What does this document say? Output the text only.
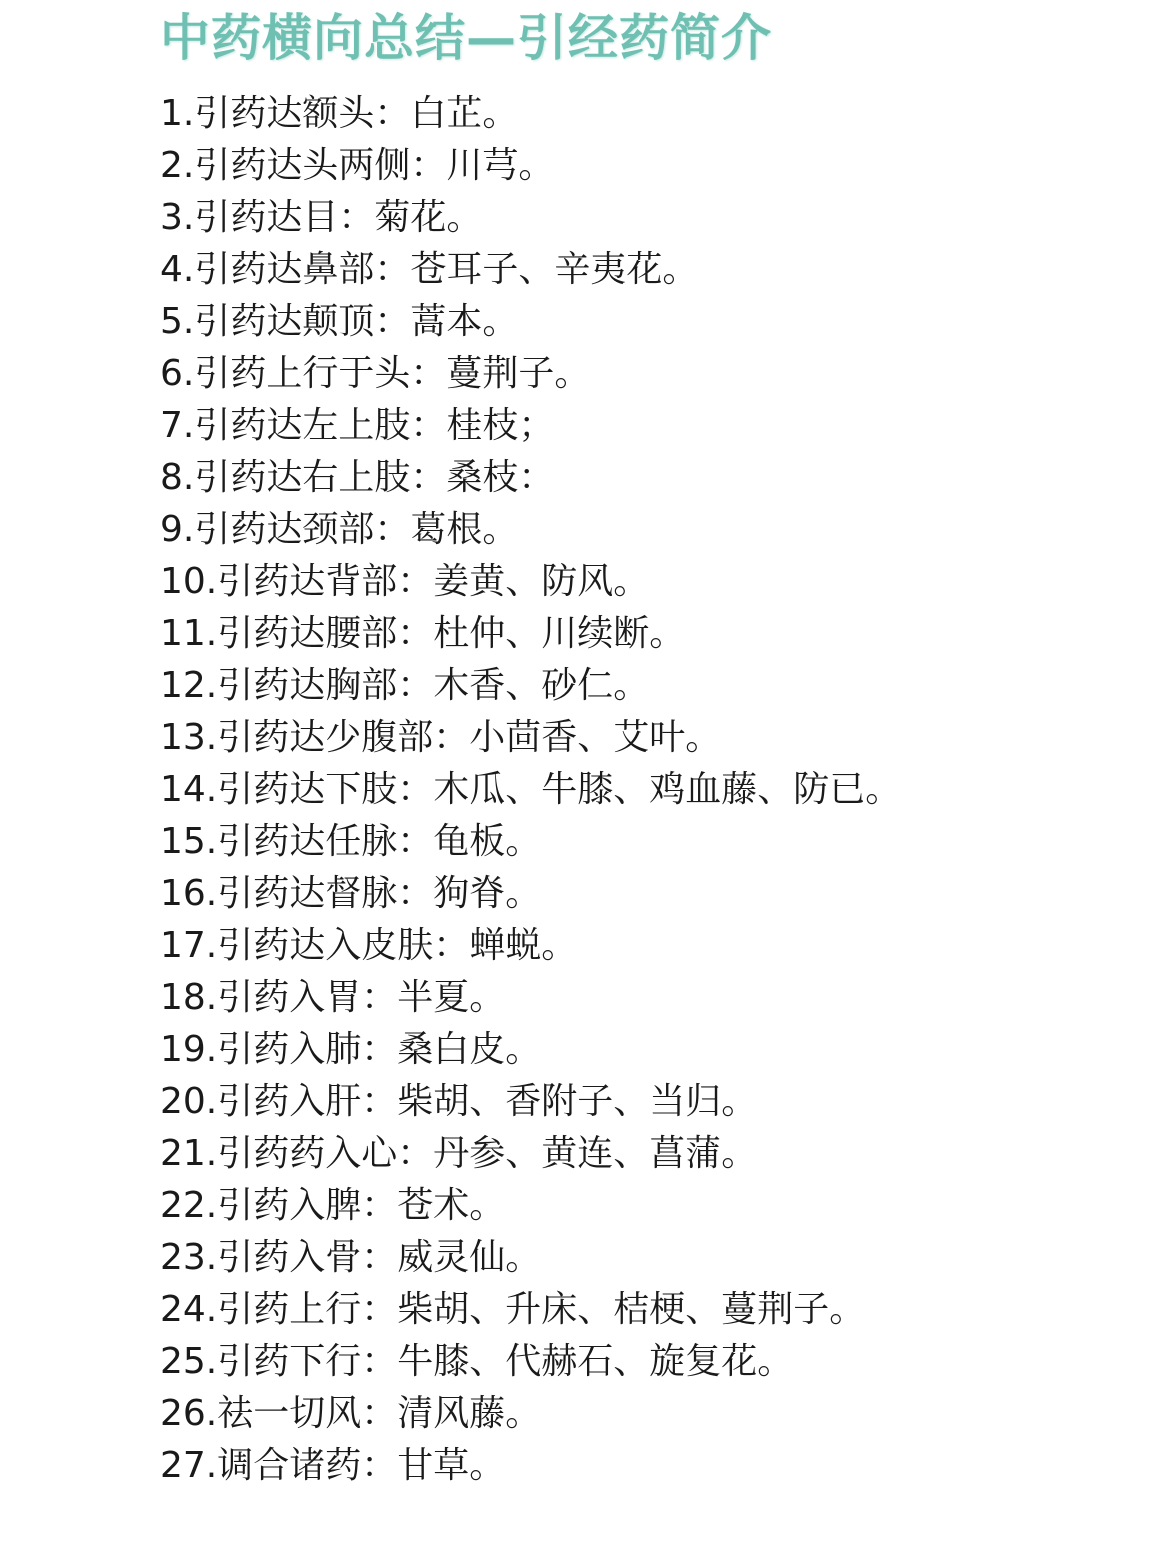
中药横向总结—引经药简介
1.引药达额头：白芷。
2.引药达头两侧：川芎。
3.引药达目：菊花。
4.引药达鼻部：苍耳子、辛夷花。
5.引药达颠顶：蒿本。
6.引药上行于头：蔓荆子。
7.引药达左上肢：桂枝；
8.引药达右上肢：桑枝：
9.引药达颈部：葛根。
10.引药达背部：姜黄、防风。
11.引药达腰部：杜仲、川续断。
12.引药达胸部：木香、砂仁。
13.引药达少腹部：小茴香、艾叶。
14.引药达下肢：木瓜、牛膝、鸡血藤、防已。
15.引药达任脉：龟板。
16.引药达督脉：狗脊。
17.引药达入皮肤：蝉蜕。
18.引药入胃：半夏。
19.引药入肺：桑白皮。
20.引药入肝：柴胡、香附子、当归。
21.引药药入心：丹参、黄连、菖蒲。
22.引药入脾：苍术。
23.引药入骨：威灵仙。
24.引药上行：柴胡、升床、桔梗、蔓荆子。
25.引药下行：牛膝、代赫石、旋复花。
26.祛一切风：清风藤。
27.调合诸药：甘草。
